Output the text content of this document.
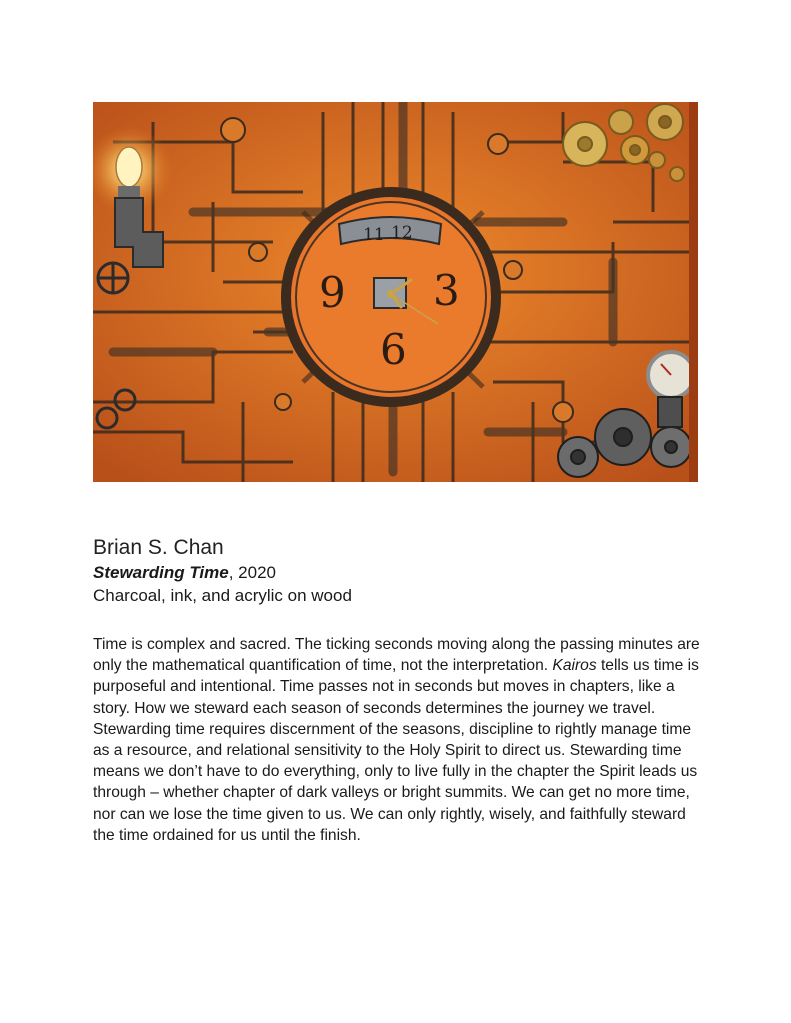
11 12
3
6
9
Brian S. Chan
Stewarding Time, 2020
Charcoal, ink, and acrylic on wood
Time is complex and sacred. The ticking seconds moving along the passing minutes are only the mathematical quantification of time, not the interpretation. Kairos tells us time is purposeful and intentional. Time passes not in seconds but moves in chapters, like a story. How we steward each season of seconds determines the journey we travel. Stewarding time requires discernment of the seasons, discipline to rightly manage time as a resource, and relational sensitivity to the Holy Spirit to direct us. Stewarding time means we don’t have to do everything, only to live fully in the chapter the Spirit leads us through – whether chapter of dark valleys or bright summits. We can get no more time, nor can we lose the time given to us. We can only rightly, wisely, and faithfully steward the time ordained for us until the finish.
